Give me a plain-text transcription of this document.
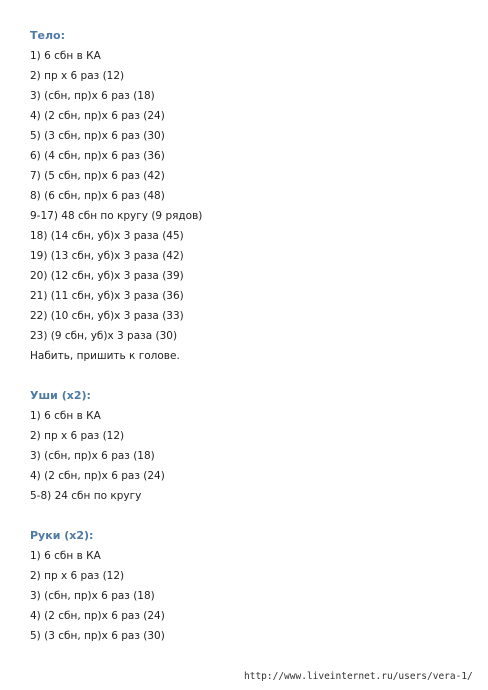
Тело:

1) 6 сбн в КА

2) пр х 6 раз (12)

3) (сбн, пр)х 6 раз (18)

4) (2 сбн, пр)х 6 раз (24)

5) (3 сбн, пр)х 6 раз (30)

6) (4 сбн, пр)х 6 раз (36)

7) (5 сбн, пр)х 6 раз (42)

8) (6 сбн, пр)х 6 раз (48)

9-17) 48 сбн по кругу (9 рядов)

18) (14 сбн, уб)х 3 раза (45)

19) (13 сбн, уб)х 3 раза (42)

20) (12 сбн, уб)х 3 раза (39)

21) (11 сбн, уб)х 3 раза (36)

22) (10 сбн, уб)х 3 раза (33)

23) (9 сбн, уб)х 3 раза (30)

Набить, пришить к голове.

Уши (х2):

1) 6 сбн в КА

2) пр х 6 раз (12)

3) (сбн, пр)х 6 раз (18)

4) (2 сбн, пр)х 6 раз (24)

5-8) 24 сбн по кругу

Руки (х2):

1) 6 сбн в КА

2) пр х 6 раз (12)

3) (сбн, пр)х 6 раз (18)

4) (2 сбн, пр)х 6 раз (24)

5) (3 сбн, пр)х 6 раз (30)

http://www.liveinternet.ru/users/vera-1/
